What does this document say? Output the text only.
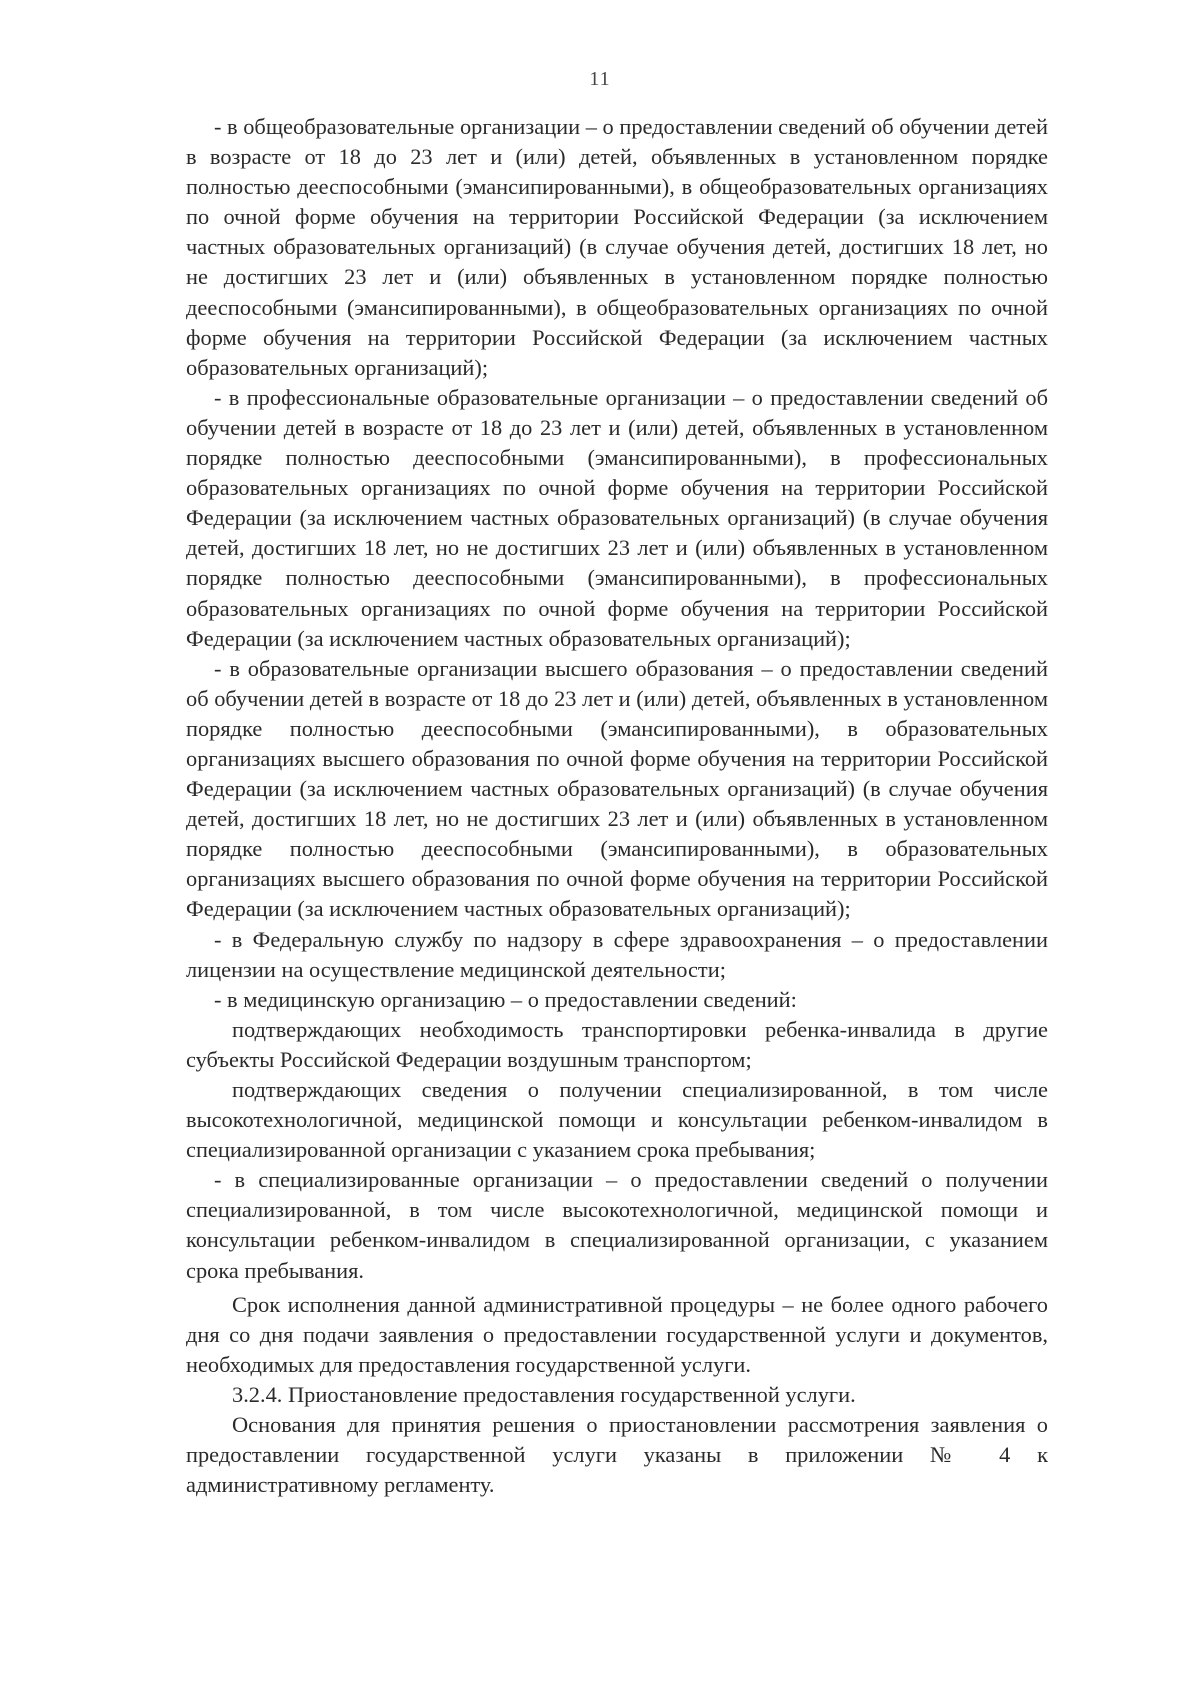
11

- в общеобразовательные организации – о предоставлении сведений об обучении детей в возрасте от 18 до 23 лет и (или) детей, объявленных в установленном порядке полностью дееспособными (эмансипированными), в общеобразовательных организациях по очной форме обучения на территории Российской Федерации (за исключением частных образовательных организаций) (в случае обучения детей, достигших 18 лет, но не достигших 23 лет и (или) объявленных в установленном порядке полностью дееспособными (эмансипированными), в общеобразовательных организациях по очной форме обучения на территории Российской Федерации (за исключением частных образовательных организаций);

- в профессиональные образовательные организации – о предоставлении сведений об обучении детей в возрасте от 18 до 23 лет и (или) детей, объявленных в установленном порядке полностью дееспособными (эмансипированными), в профессиональных образовательных организациях по очной форме обучения на территории Российской Федерации (за исключением частных образовательных организаций) (в случае обучения детей, достигших 18 лет, но не достигших 23 лет и (или) объявленных в установленном порядке полностью дееспособными (эмансипированными), в профессиональных образовательных организациях по очной форме обучения на территории Российской Федерации (за исключением частных образовательных организаций);

- в образовательные организации высшего образования – о предоставлении сведений об обучении детей в возрасте от 18 до 23 лет и (или) детей, объявленных в установленном порядке полностью дееспособными (эмансипированными), в образовательных организациях высшего образования по очной форме обучения на территории Российской Федерации (за исключением частных образовательных организаций) (в случае обучения детей, достигших 18 лет, но не достигших 23 лет и (или) объявленных в установленном порядке полностью дееспособными (эмансипированными), в образовательных организациях высшего образования по очной форме обучения на территории Российской Федерации (за исключением частных образовательных организаций);

- в Федеральную службу по надзору в сфере здравоохранения – о предоставлении лицензии на осуществление медицинской деятельности;

- в медицинскую организацию – о предоставлении сведений:

подтверждающих необходимость транспортировки ребенка-инвалида в другие субъекты Российской Федерации воздушным транспортом;

подтверждающих сведения о получении специализированной, в том числе высокотехнологичной, медицинской помощи и консультации ребенком-инвалидом в специализированной организации с указанием срока пребывания;

- в специализированные организации – о предоставлении сведений о получении специализированной, в том числе высокотехнологичной, медицинской помощи и консультации ребенком-инвалидом в специализированной организации, с указанием срока пребывания.

Срок исполнения данной административной процедуры – не более одного рабочего дня со дня подачи заявления о предоставлении государственной услуги и документов, необходимых для предоставления государственной услуги.

3.2.4. Приостановление предоставления государственной услуги.

Основания для принятия решения о приостановлении рассмотрения заявления о предоставлении государственной услуги указаны в приложении № 4 к административному регламенту.
